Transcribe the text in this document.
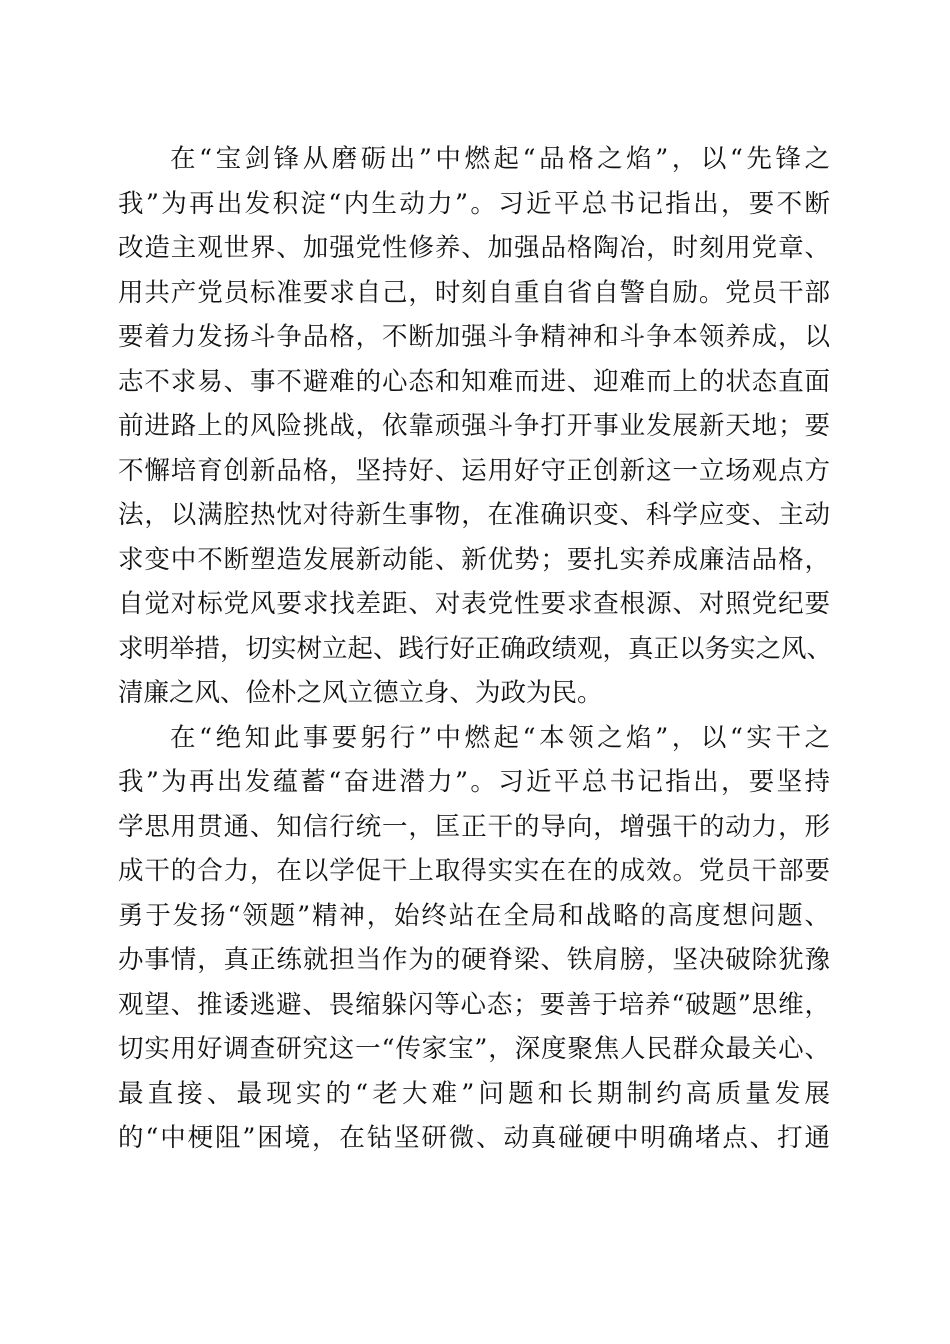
在“宝剑锋从磨砺出”中燃起“品格之焰”，以“先锋之
我”为再出发积淀“内生动力”。习近平总书记指出，要不断
改造主观世界、加强党性修养、加强品格陶冶，时刻用党章、
用共产党员标准要求自己，时刻自重自省自警自励。党员干部
要着力发扬斗争品格，不断加强斗争精神和斗争本领养成，以
志不求易、事不避难的心态和知难而进、迎难而上的状态直面
前进路上的风险挑战，依靠顽强斗争打开事业发展新天地；要
不懈培育创新品格，坚持好、运用好守正创新这一立场观点方
法，以满腔热忱对待新生事物，在准确识变、科学应变、主动
求变中不断塑造发展新动能、新优势；要扎实养成廉洁品格，
自觉对标党风要求找差距、对表党性要求查根源、对照党纪要
求明举措，切实树立起、践行好正确政绩观，真正以务实之风、
清廉之风、俭朴之风立德立身、为政为民。

在“绝知此事要躬行”中燃起“本领之焰”，以“实干之
我”为再出发蕴蓄“奋进潜力”。习近平总书记指出，要坚持
学思用贯通、知信行统一，匡正干的导向，增强干的动力，形
成干的合力，在以学促干上取得实实在在的成效。党员干部要
勇于发扬“领题”精神，始终站在全局和战略的高度想问题、
办事情，真正练就担当作为的硬脊梁、铁肩膀，坚决破除犹豫
观望、推诿逃避、畏缩躲闪等心态；要善于培养“破题”思维，
切实用好调查研究这一“传家宝”，深度聚焦人民群众最关心、
最直接、最现实的“老大难”问题和长期制约高质量发展
的“中梗阻”困境，在钻坚研微、动真碰硬中明确堵点、打通
